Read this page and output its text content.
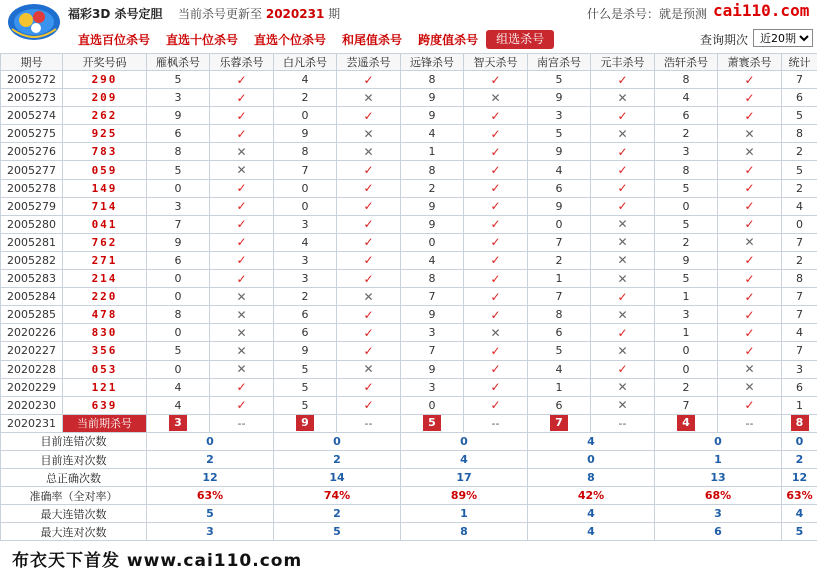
福彩3D 杀号定胆 当前杀号更新至 2020231 期	什么是杀号：就是预测 cai110.com
直选百位杀号	直选十位杀号	直选个位杀号	和尾值杀号	跨度值杀号	组选杀号	查询期次
近20期
期号	开奖号码	雁枫杀号	乐蓉杀号	白凡杀号	芸遥杀号	远锋杀号	智天杀号	南宫杀号	元丰杀号	浩轩杀号	萧寰杀号	统计	
2005272	290	5	✓	4	✓	8	✓	5	✓	8	✓	7										
2005273	209	3	✓	2	✕	9	✕	9	✕	4	✓	6										
2005274	262	9	✓	0	✓	9	✓	3	✓	6	✓	5										
2005275	925	6	✓	9	✕	4	✓	5	✕	2	✕	8										
2005276	783	8	✕	8	✕	1	✓	9	✓	3	✕	2										
2005277	059	5	✕	7	✓	8	✓	4	✓	8	✓	5										
2005278	149	0	✓	0	✓	2	✓	6	✓	5	✓	2										
2005279	714	3	✓	0	✓	9	✓	9	✓	0	✓	4										
2005280	041	7	✓	3	✓	9	✓	0	✕	5	✓	0										
2005281	762	9	✓	4	✓	0	✓	7	✕	2	✕	7										
2005282	271	6	✓	3	✓	4	✓	2	✕	9	✓	2										
2005283	214	0	✓	3	✓	8	✓	1	✕	5	✓	8										
2005284	220	0	✕	2	✕	7	✓	7	✓	1	✓	7										
2005285	478	8	✕	6	✓	9	✓	8	✕	3	✓	7										
2020226	830	0	✕	6	✓	3	✕	6	✓	1	✓	4										
2020227	356	5	✕	9	✓	7	✓	5	✕	0	✓	7										
2020228	053	0	✕	5	✕	9	✓	4	✓	0	✕	3										
2020229	121	4	✓	5	✓	3	✓	1	✕	2	✕	6										
2020230	639	4	✓	5	✓	0	✓	6	✕	7	✓	1										
2020231	当前期杀号	3	--	9	--	5	--	7	--	4	--	8										
目前连错次数		0		0		0		4		0		0					
目前连对次数		2		2		4		0		1		2					
总正确次数		12		14		17		8		13		12					
准确率（全对率）		63%		74%		89%		42%		68%		63%					
最大连错次数		5		2		1		4		3		4					
最大连对次数		3		5		8		4		6		5					
布衣天下首发 www.cai110.com
